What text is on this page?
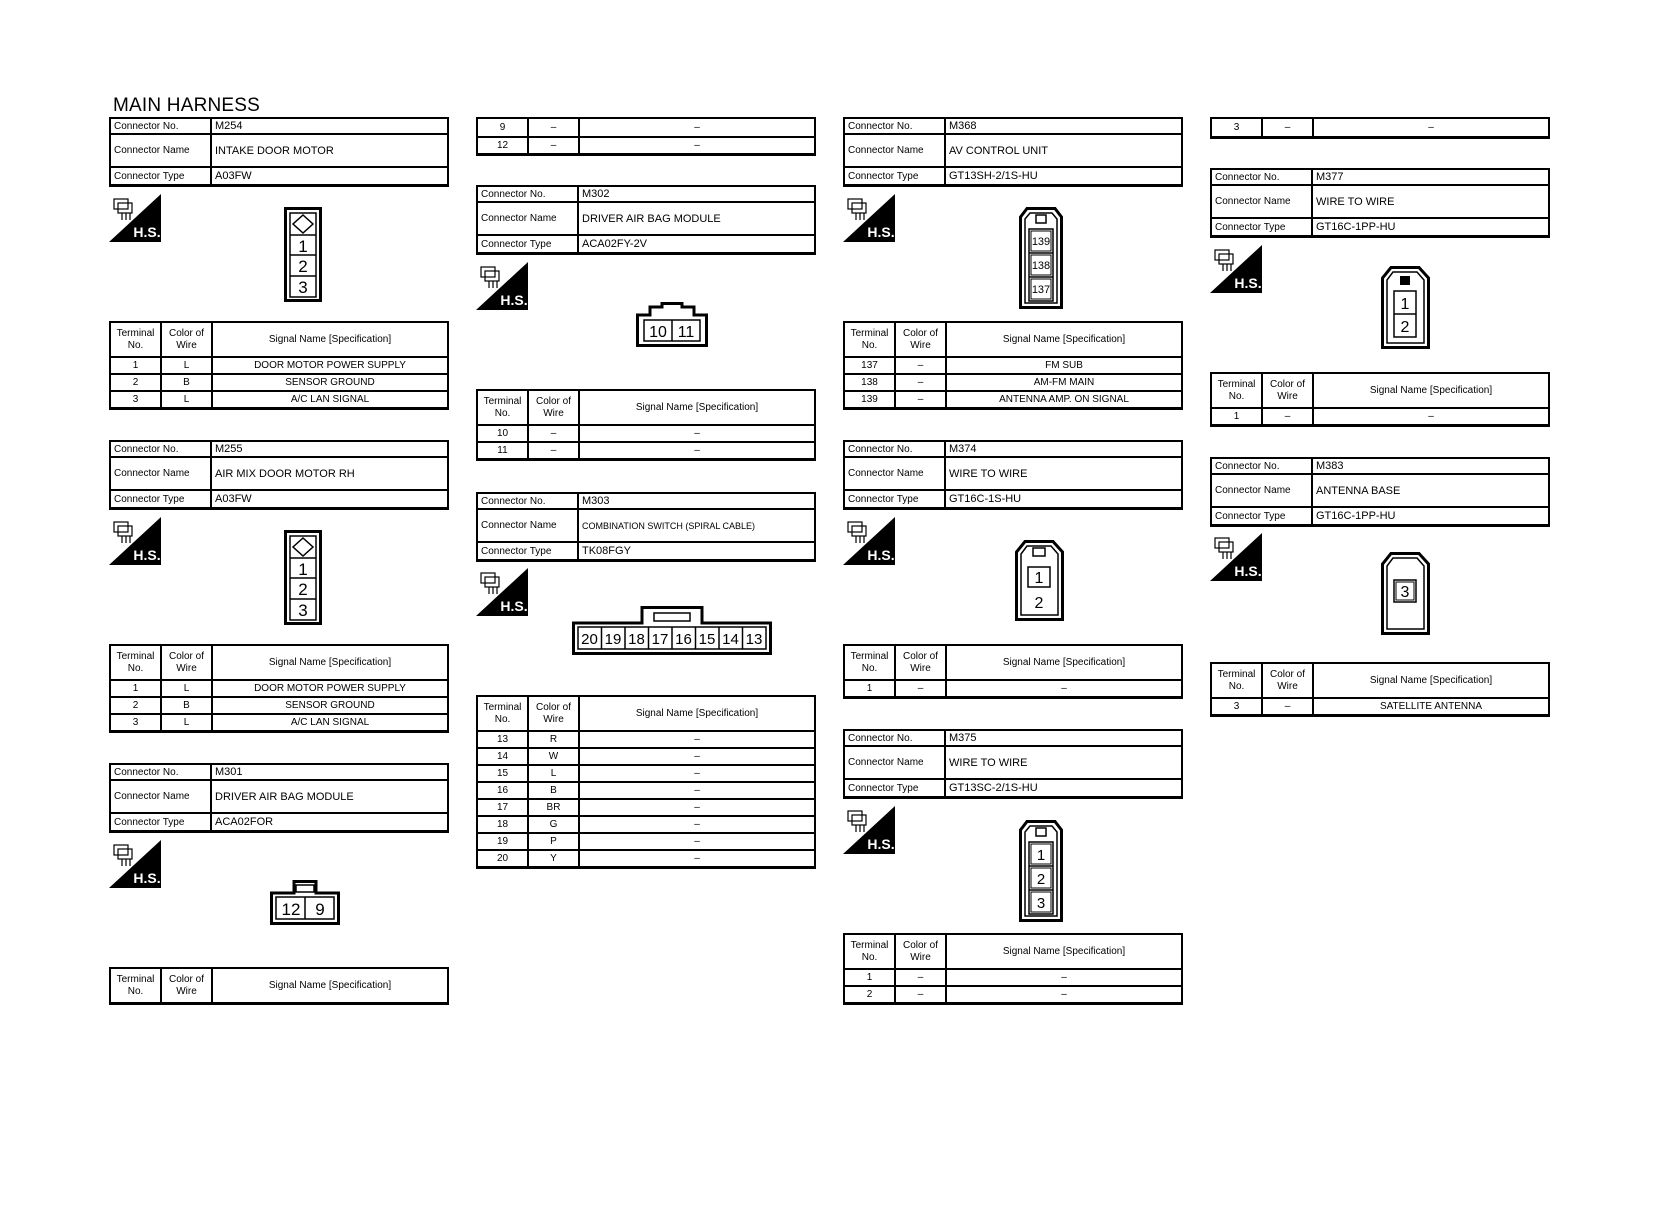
MAIN HARNESS
Connector No.	M254
Connector Name	INTAKE DOOR MOTOR
Connector Type	A03FW
1
2
3
Terminal No.
Color of Wire	Signal Name [Specification]
1	L	DOOR MOTOR POWER SUPPLY
2	B	SENSOR GROUND
3	L	A/C LAN SIGNAL
Connector No.	M255
Connector Name	AIR MIX DOOR MOTOR RH
Connector Type	A03FW
1
2
3
Terminal No.
Color of Wire	Signal Name [Specification]
1	L	DOOR MOTOR POWER SUPPLY
2	B	SENSOR GROUND
3	L	A/C LAN SIGNAL
Connector No.	M301
Connector Name	DRIVER AIR BAG MODULE
Connector Type	ACA02FOR
12 9
Terminal No.
Color of Wire	Signal Name [Specification]
9	–	–
12	–	–
Connector No.	M302
Connector Name	DRIVER AIR BAG MODULE
Connector Type	ACA02FY-2V
10 11
Terminal No.
Color of Wire	Signal Name [Specification]
10	–	–
11	–	–
Connector No.	M303
Connector Name	COMBINATION SWITCH (SPIRAL CABLE)
Connector Type	TK08FGY
20 19 18 17 16 15 14 13
Terminal No.
Color of Wire	Signal Name [Specification]
13	R	–
14	W	–
15	L	–
16	B	–
17	BR	–
18	G	–
19	P	–
20	Y	–
Connector No.	M368
Connector Name	AV CONTROL UNIT
Connector Type	GT13SH-2/1S-HU
139
138
137
Terminal No.
Color of Wire	Signal Name [Specification]
137	–	FM SUB
138	–	AM-FM MAIN
139	–	ANTENNA AMP. ON SIGNAL
Connector No.	M374
Connector Name	WIRE TO WIRE
Connector Type	GT16C-1S-HU
1
2
Terminal No.
Color of Wire	Signal Name [Specification]
1	–	–
Connector No.	M375
Connector Name	WIRE TO WIRE
Connector Type	GT13SC-2/1S-HU
1
2
3
Terminal No.
Color of Wire	Signal Name [Specification]
1	–	–
2	–	–
3	–	–
Connector No.	M377
Connector Name	WIRE TO WIRE
Connector Type	GT16C-1PP-HU
1
2
Terminal No.
Color of Wire	Signal Name [Specification]
1	–	–
Connector No.	M383
Connector Name	ANTENNA BASE
Connector Type	GT16C-1PP-HU
3
Terminal No.
Color of Wire	Signal Name [Specification]
3	–	SATELLITE ANTENNA
